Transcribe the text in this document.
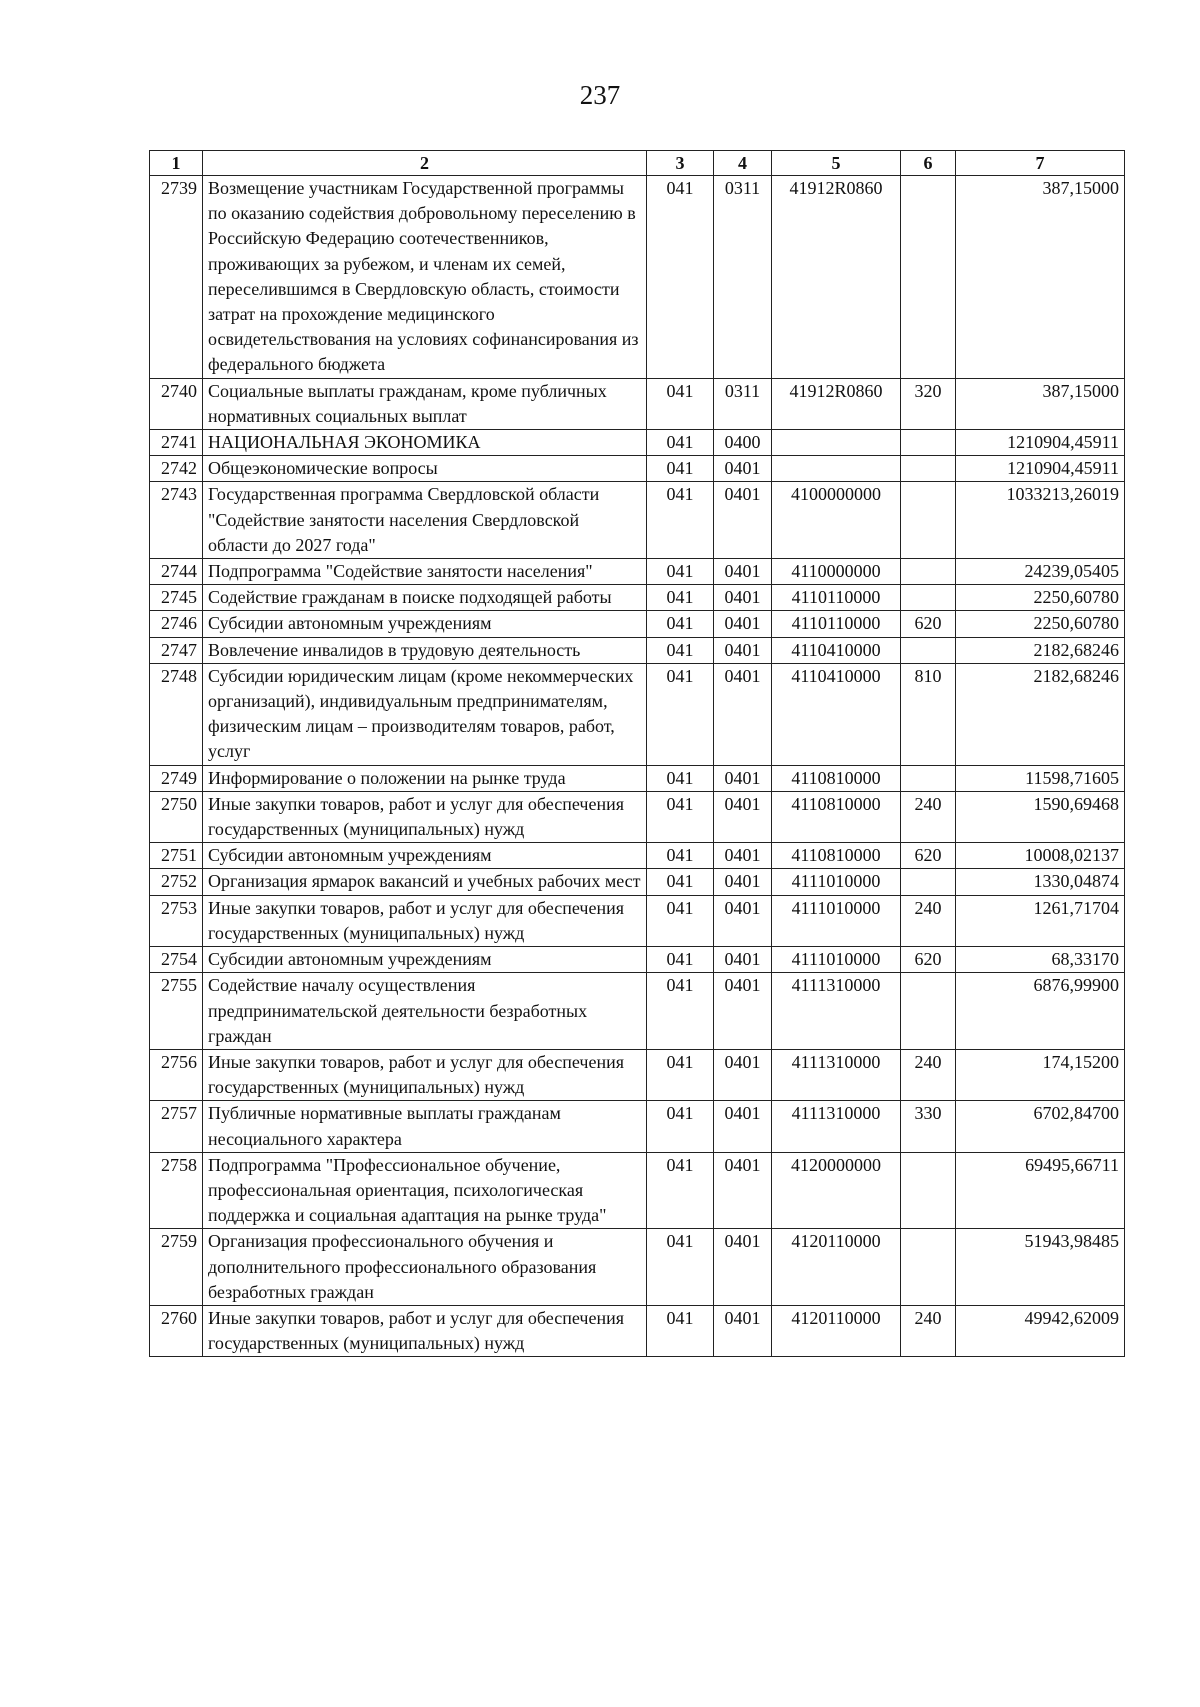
237
1	2	3	4	5	6	7
2739	Возмещение участникам Государственной программы по оказанию содействия добровольному переселению в Российскую Федерацию соотечественников, проживающих за рубежом, и членам их семей, переселившимся в Свердловскую область, стоимости затрат на прохождение медицинского освидетельствования на условиях софинансирования из федерального бюджета	041	0311	41912R0860		387,15000
2740	Социальные выплаты гражданам, кроме публичных нормативных социальных выплат	041	0311	41912R0860	320	387,15000
2741	НАЦИОНАЛЬНАЯ ЭКОНОМИКА	041	0400			1210904,45911
2742	Общеэкономические вопросы	041	0401			1210904,45911
2743	Государственная программа Свердловской области "Содействие занятости населения Свердловской области до 2027 года"	041	0401	4100000000		1033213,26019
2744	Подпрограмма "Содействие занятости населения"	041	0401	4110000000		24239,05405
2745	Содействие гражданам в поиске подходящей работы	041	0401	4110110000		2250,60780
2746	Субсидии автономным учреждениям	041	0401	4110110000	620	2250,60780
2747	Вовлечение инвалидов в трудовую деятельность	041	0401	4110410000		2182,68246
2748	Субсидии юридическим лицам (кроме некоммерческих организаций), индивидуальным предпринимателям, физическим лицам – производителям товаров, работ, услуг	041	0401	4110410000	810	2182,68246
2749	Информирование о положении на рынке труда	041	0401	4110810000		11598,71605
2750	Иные закупки товаров, работ и услуг для обеспечения государственных (муниципальных) нужд	041	0401	4110810000	240	1590,69468
2751	Субсидии автономным учреждениям	041	0401	4110810000	620	10008,02137
2752	Организация ярмарок вакансий и учебных рабочих мест	041	0401	4111010000		1330,04874
2753	Иные закупки товаров, работ и услуг для обеспечения государственных (муниципальных) нужд	041	0401	4111010000	240	1261,71704
2754	Субсидии автономным учреждениям	041	0401	4111010000	620	68,33170
2755	Содействие началу осуществления предпринимательской деятельности безработных граждан	041	0401	4111310000		6876,99900
2756	Иные закупки товаров, работ и услуг для обеспечения государственных (муниципальных) нужд	041	0401	4111310000	240	174,15200
2757	Публичные нормативные выплаты гражданам несоциального характера	041	0401	4111310000	330	6702,84700
2758	Подпрограмма "Профессиональное обучение, профессиональная ориентация, психологическая поддержка и социальная адаптация на рынке труда"	041	0401	4120000000		69495,66711
2759	Организация профессионального обучения и дополнительного профессионального образования безработных граждан	041	0401	4120110000		51943,98485
2760	Иные закупки товаров, работ и услуг для обеспечения государственных (муниципальных) нужд	041	0401	4120110000	240	49942,62009
